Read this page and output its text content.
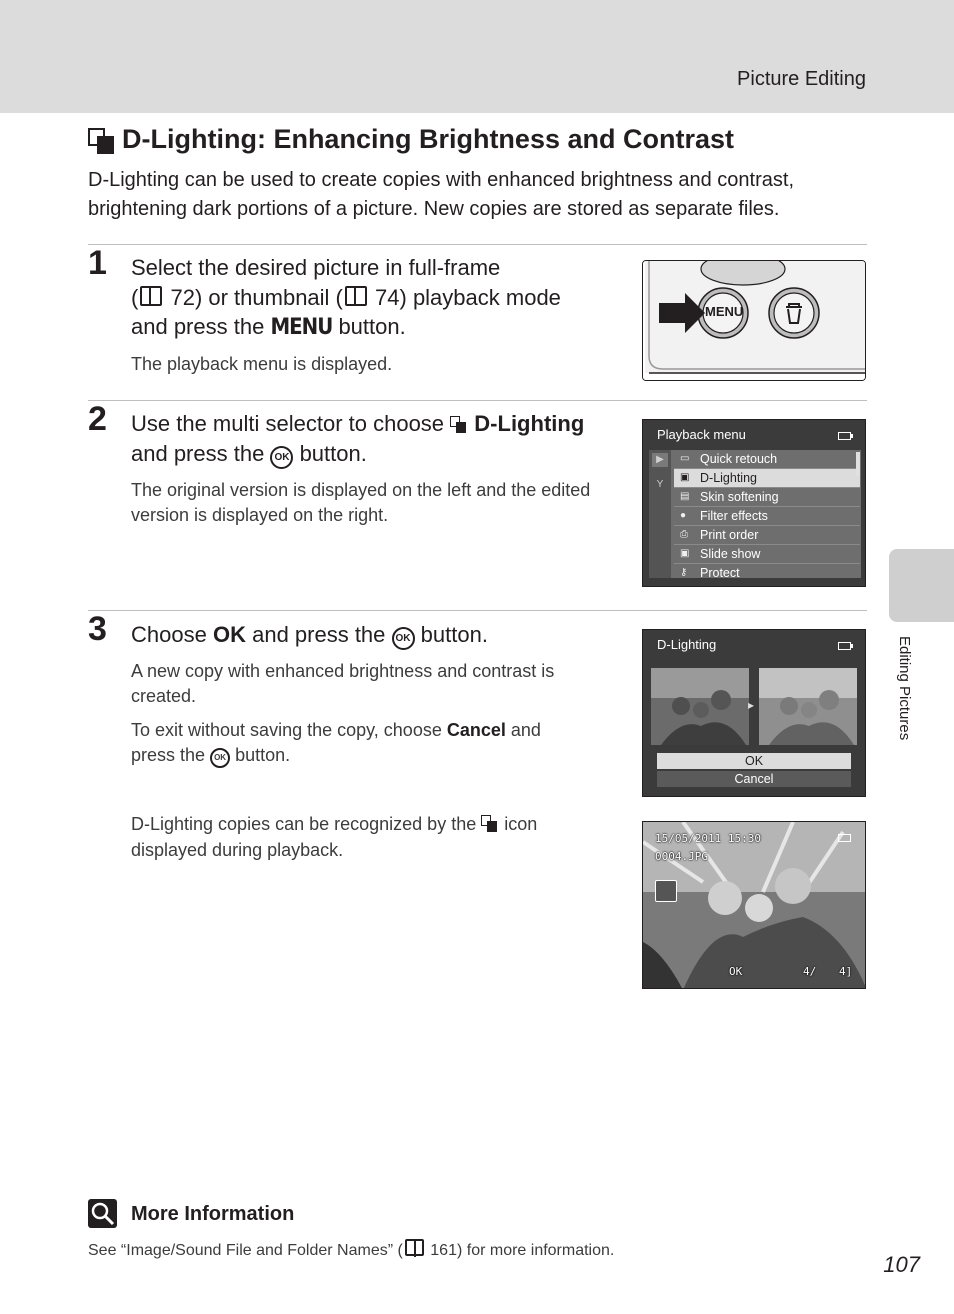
Picture Editing
Editing Pictures
D-Lighting: Enhancing Brightness and Contrast
D-Lighting can be used to create copies with enhanced brightness and contrast, brightening dark portions of a picture. New copies are stored as separate files.
1 Select the desired picture in full-frame
( 72) or thumbnail ( 74) playback mode
and press the MENU button.
The playback menu is displayed.
MENU
2 Use the multi selector to choose D-Lighting
and press the OK button.
The original version is displayed on the left and the edited
version is displayed on the right.
Playback menu
▶
Y
▭ Quick retouch
▣ D-Lighting
▤ Skin softening
● Filter effects
⎙ Print order
▣ Slide show
⚷ Protect
3 Choose OK and press the OK button.
A new copy with enhanced brightness and contrast is
created.
To exit without saving the copy, choose Cancel and
press the OK button.
D-Lighting
▸
OK
Cancel
D-Lighting copies can be recognized by the icon
displayed during playback.
15/05/2011 15:30
0004.JPG
OK	4/ 4]
More Information
See “Image/Sound File and Folder Names” ( 161) for more information.
107
